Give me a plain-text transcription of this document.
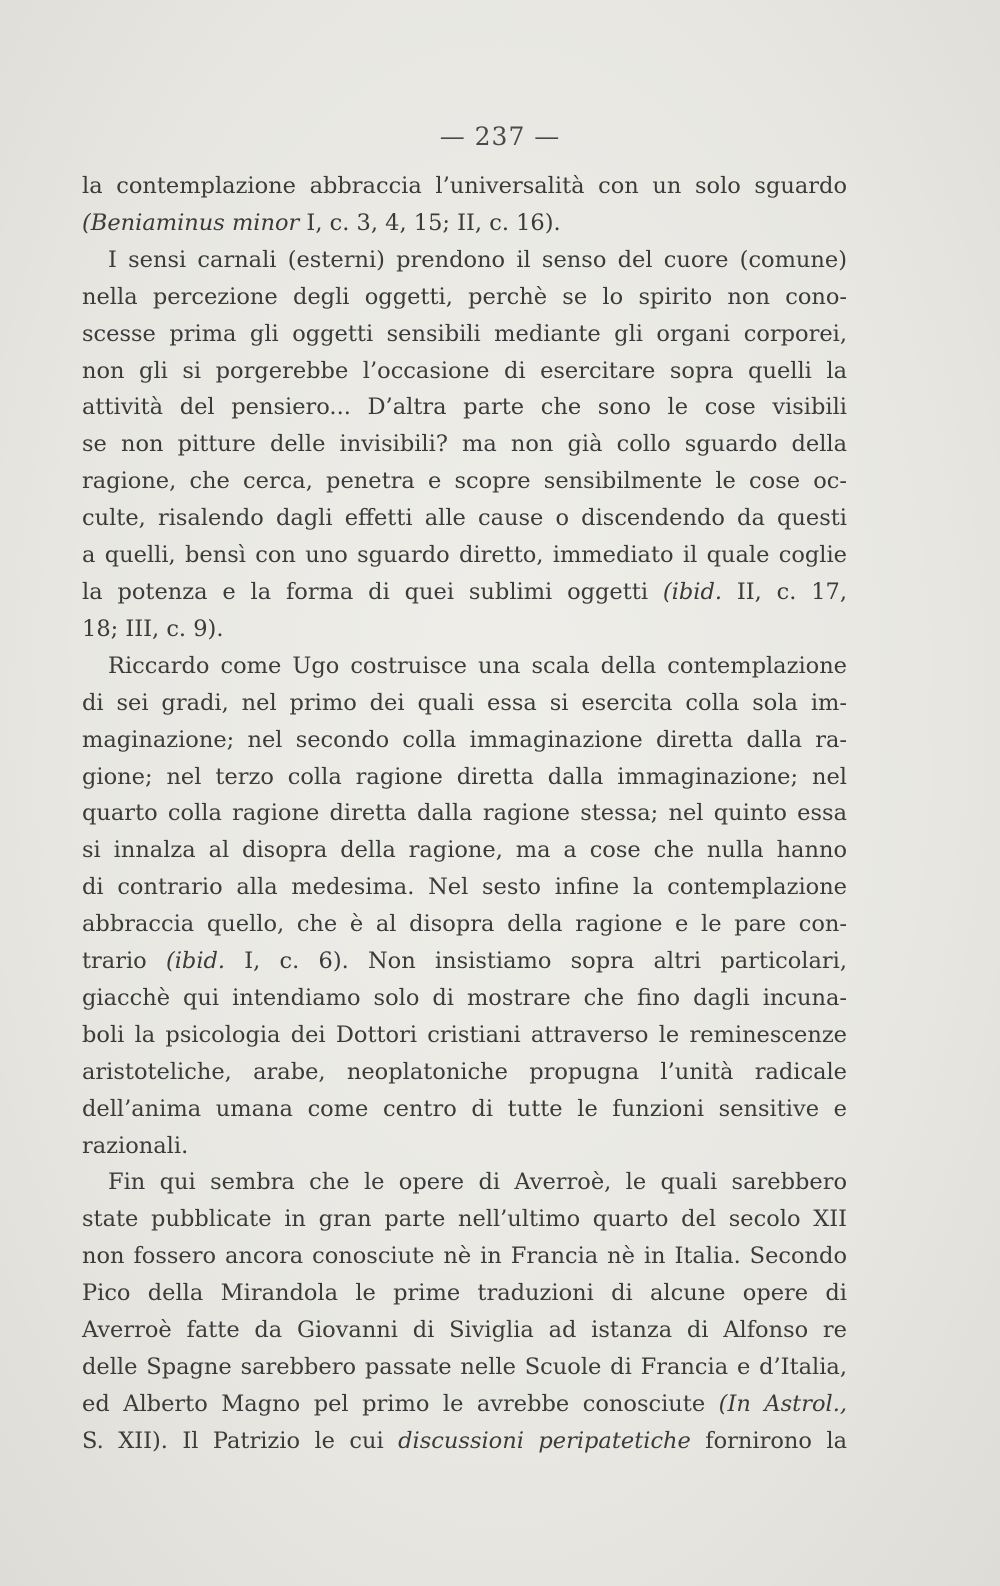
— 237 —
la contemplazione abbraccia l’universalità con un solo sguardo
(Beniaminus minor I, c. 3, 4, 15; II, c. 16).
I sensi carnali (esterni) prendono il senso del cuore (comune)
nella percezione degli oggetti, perchè se lo spirito non cono-
scesse prima gli oggetti sensibili mediante gli organi corporei,
non gli si porgerebbe l’occasione di esercitare sopra quelli la
attività del pensiero... D’altra parte che sono le cose visibili
se non pitture delle invisibili? ma non già collo sguardo della
ragione, che cerca, penetra e scopre sensibilmente le cose oc-
culte, risalendo dagli effetti alle cause o discendendo da questi
a quelli, bensì con uno sguardo diretto, immediato il quale coglie
la potenza e la forma di quei sublimi oggetti (ibid. II, c. 17,
18; III, c. 9).
Riccardo come Ugo costruisce una scala della contemplazione
di sei gradi, nel primo dei quali essa si esercita colla sola im-
maginazione; nel secondo colla immaginazione diretta dalla ra-
gione; nel terzo colla ragione diretta dalla immaginazione; nel
quarto colla ragione diretta dalla ragione stessa; nel quinto essa
si innalza al disopra della ragione, ma a cose che nulla hanno
di contrario alla medesima. Nel sesto infine la contemplazione
abbraccia quello, che è al disopra della ragione e le pare con-
trario (ibid. I, c. 6). Non insistiamo sopra altri particolari,
giacchè qui intendiamo solo di mostrare che fino dagli incuna-
boli la psicologia dei Dottori cristiani attraverso le reminescenze
aristoteliche, arabe, neoplatoniche propugna l’unità radicale
dell’anima umana come centro di tutte le funzioni sensitive e
razionali.
Fin qui sembra che le opere di Averroè, le quali sarebbero
state pubblicate in gran parte nell’ultimo quarto del secolo XII
non fossero ancora conosciute nè in Francia nè in Italia. Secondo
Pico della Mirandola le prime traduzioni di alcune opere di
Averroè fatte da Giovanni di Siviglia ad istanza di Alfonso re
delle Spagne sarebbero passate nelle Scuole di Francia e d’Italia,
ed Alberto Magno pel primo le avrebbe conosciute (In Astrol.,
S. XII). Il Patrizio le cui discussioni peripatetiche fornirono la
